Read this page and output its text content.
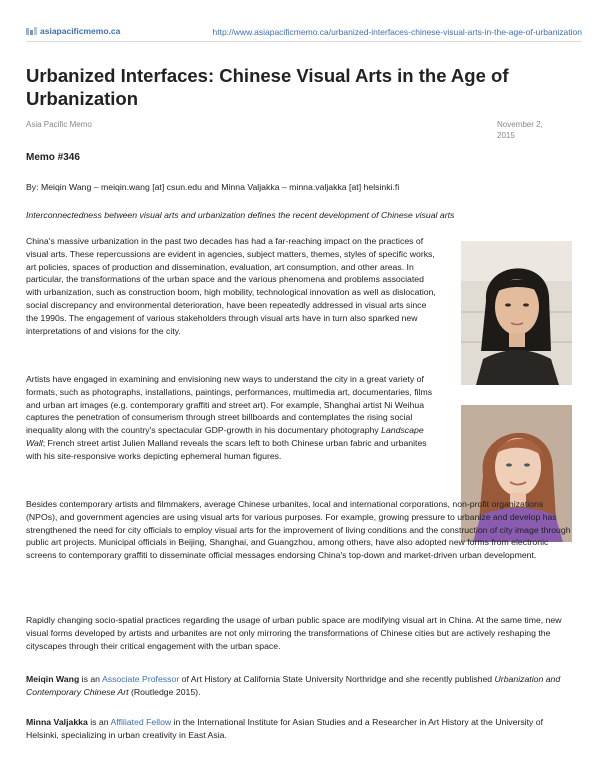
asiapacificmemo.ca	http://www.asiapacificmemo.ca/urbanized-interfaces-chinese-visual-arts-in-the-age-of-urbanization
Urbanized Interfaces: Chinese Visual Arts in the Age of Urbanization
Asia Pacific Memo	November 2, 2015
Memo #346
By: Meiqin Wang – meiqin.wang [at] csun.edu and Minna Valjakka – minna.valjakka [at] helsinki.fi
Interconnectedness between visual arts and urbanization defines the recent development of Chinese visual arts

China's massive urbanization in the past two decades has had a far-reaching impact on the practices of visual arts. These repercussions are evident in agencies, subject matters, themes, styles of specific works, art policies, spaces of production and dissemination, evaluation, art consumption, and other areas. In particular, the transformations of the urban space and the various phenomena and problems associated with urbanization, such as construction boom, high mobility, technological innovation as well as dislocation, social discrepancy and environmental deterioration, have been repeatedly addressed in visual arts since the 1990s. The engagement of various stakeholders through visual arts have in turn also sparked new interpretations of and visions for the city.

Artists have engaged in examining and envisioning new ways to understand the city in a great variety of formats, such as photographs, installations, paintings, performances, multimedia art, documentaries, films and urban art images (e.g. contemporary graffiti and street art). For example, Shanghai artist Ni Weihua captures the penetration of consumerism through street billboards and contemplates the rising social inequality along with the country's spectacular GDP-growth in his documentary photography Landscape Wall; French street artist Julien Malland reveals the scars left to both Chinese urban fabric and urbanites with his site-responsive works depicting ephemeral human figures.

Besides contemporary artists and filmmakers, average Chinese urbanites, local and international corporations, non-profit organizations (NPOs), and government agencies are using visual arts for various purposes. For example, growing pressure to urbanize and develop has strengthened the need for city officials to employ visual arts for the improvement of living conditions and the construction of city image through public art projects. Municipal officials in Beijing, Shanghai, and Guangzhou, among others, have also adopted new forms from electronic screens to contemporary graffiti to disseminate official messages endorsing China's top-down and market-driven urban development.

Rapidly changing socio-spatial practices regarding the usage of urban public space are modifying visual art in China. At the same time, new visual forms developed by artists and urbanites are not only mirroring the transformations of Chinese cities but are actively reshaping the cityscapes through their critical engagement with the urban space.

Meiqin Wang is an Associate Professor of Art History at California State University Northridge and she recently published Urbanization and Contemporary Chinese Art (Routledge 2015).

Minna Valjakka is an Affiliated Fellow in the International Institute for Asian Studies and a Researcher in Art History at the University of Helsinki, specializing in urban creativity in East Asia.
